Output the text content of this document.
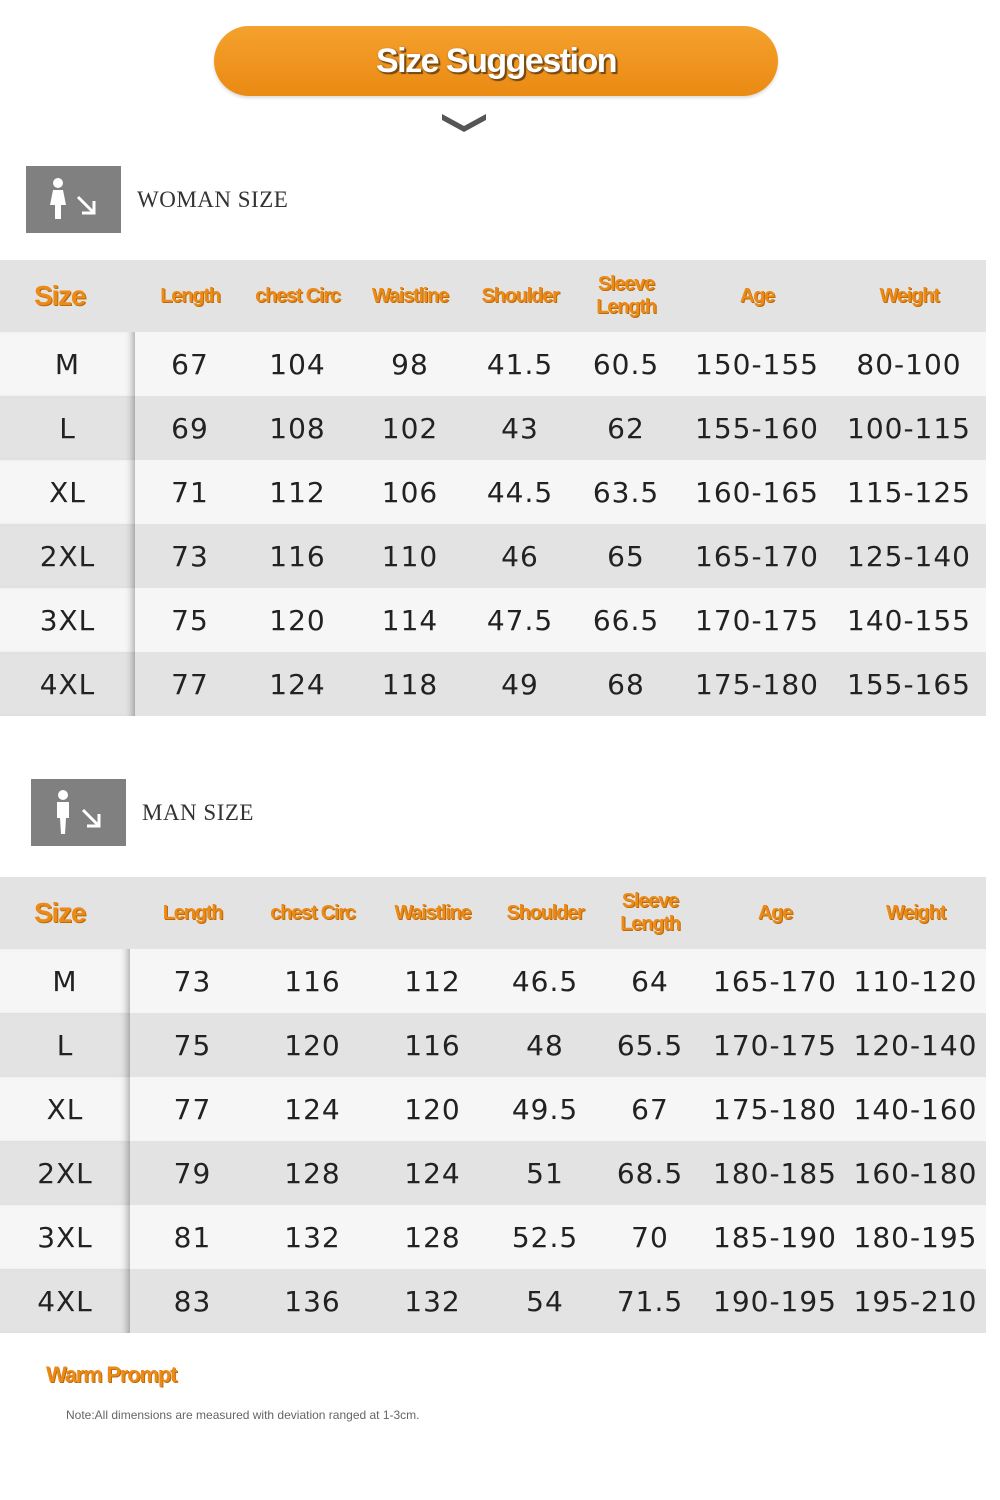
Size Suggestion
WOMAN SIZE
Size	Length	chest Circ	Waistline	Shoulder	Sleeve Length	Age	Weight
M	67	104	98	41.5	60.5	150-155	80-100
L	69	108	102	43	62	155-160	100-115
XL	71	112	106	44.5	63.5	160-165	115-125
2XL	73	116	110	46	65	165-170	125-140
3XL	75	120	114	47.5	66.5	170-175	140-155
4XL	77	124	118	49	68	175-180	155-165
MAN SIZE
Size	Length	chest Circ	Waistline	Shoulder	Sleeve Length	Age	Weight
M	73	116	112	46.5	64	165-170	110-120
L	75	120	116	48	65.5	170-175	120-140
XL	77	124	120	49.5	67	175-180	140-160
2XL	79	128	124	51	68.5	180-185	160-180
3XL	81	132	128	52.5	70	185-190	180-195
4XL	83	136	132	54	71.5	190-195	195-210
Warm Prompt
Note:All dimensions are measured with deviation ranged at 1-3cm.
